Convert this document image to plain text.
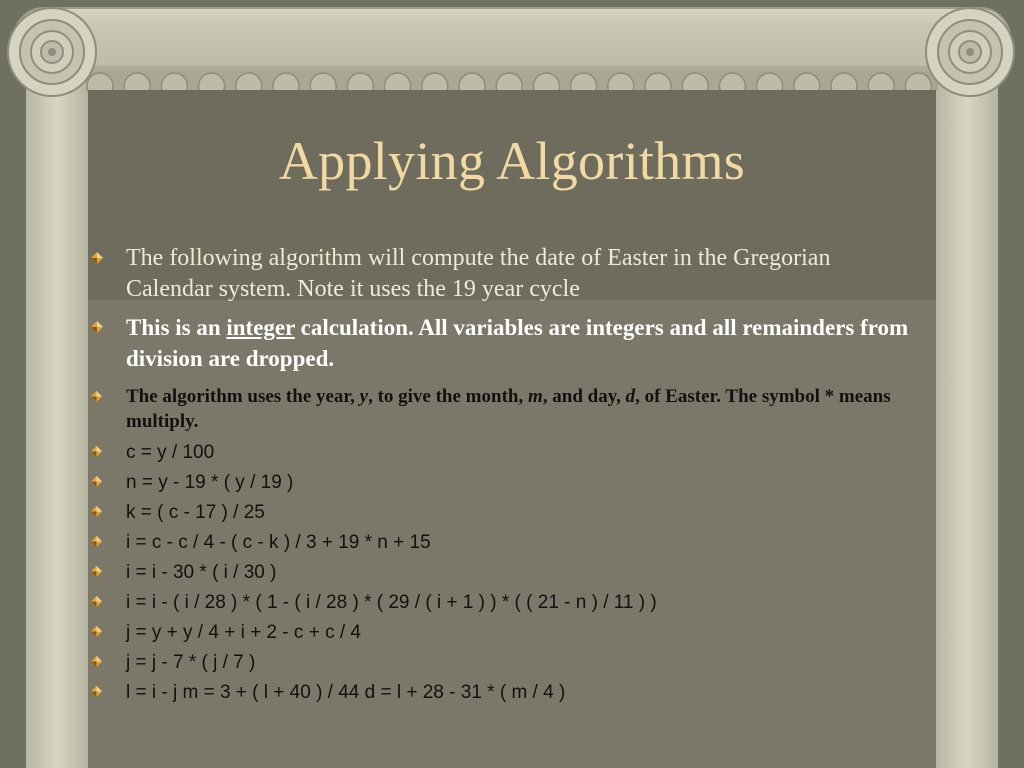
Applying Algorithms
The following algorithm will compute the date of Easter in the Gregorian Calendar system. Note it uses the 19 year cycle
This is an integer calculation. All variables are integers and all remainders from division are dropped.
The algorithm uses the year, y, to give the month, m, and day, d, of Easter. The symbol * means multiply.
c = y / 100
n = y - 19 * ( y / 19 )
k = ( c - 17 ) / 25
i = c - c / 4 - ( c - k ) / 3 + 19 * n + 15
i = i - 30 * ( i / 30 )
i = i - ( i / 28 ) * ( 1 - ( i / 28 ) * ( 29 / ( i + 1 ) ) * ( ( 21 - n ) / 11 ) )
j = y + y / 4 + i + 2 - c + c / 4
j = j - 7 * ( j / 7 )
l = i - j m = 3 + ( l + 40 ) / 44 d = l + 28 - 31 * ( m / 4 )
